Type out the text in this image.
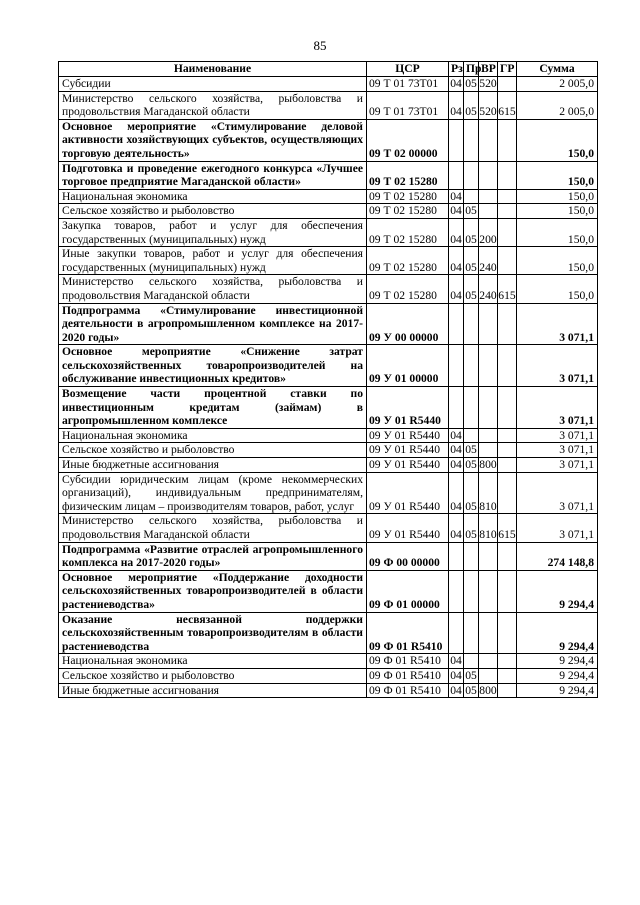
85
Наименование	ЦСР	Рз	Пр	ВР	ГР	Сумма
Субсидии	09 Т 01 73Т01	04	05	520		2 005,0
Министерство сельского хозяйства, рыболовства и продовольствия Магаданской области	09 Т 01 73Т01	04	05	520	615	2 005,0
Основное мероприятие «Стимулирование деловой активности хозяйствующих субъектов, осуществляющих торговую деятельность»	09 Т 02 00000					150,0
Подготовка и проведение ежегодного конкурса «Лучшее торговое предприятие Магаданской области»	09 Т 02 15280					150,0
Национальная экономика	09 Т 02 15280	04				150,0
Сельское хозяйство и рыболовство	09 Т 02 15280	04	05			150,0
Закупка товаров, работ и услуг для обеспечения государственных (муниципальных) нужд	09 Т 02 15280	04	05	200		150,0
Иные закупки товаров, работ и услуг для обеспечения государственных (муниципальных) нужд	09 Т 02 15280	04	05	240		150,0
Министерство сельского хозяйства, рыболовства и продовольствия Магаданской области	09 Т 02 15280	04	05	240	615	150,0
Подпрограмма «Стимулирование инвестиционной деятельности в агропромышленном комплексе на 2017-2020 годы»	09 У 00 00000					3 071,1
Основное мероприятие «Снижение затрат сельскохозяйственных товаропроизводителей на обслуживание инвестиционных кредитов»	09 У 01 00000					3 071,1
Возмещение части процентной ставки по инвестиционным кредитам (займам) в агропромышленном комплексе	09 У 01 R5440					3 071,1
Национальная экономика	09 У 01 R5440	04				3 071,1
Сельское хозяйство и рыболовство	09 У 01 R5440	04	05			3 071,1
Иные бюджетные ассигнования	09 У 01 R5440	04	05	800		3 071,1
Субсидии юридическим лицам (кроме некоммерческих организаций), индивидуальным предпринимателям, физическим лицам – производителям товаров, работ, услуг	09 У 01 R5440	04	05	810		3 071,1
Министерство сельского хозяйства, рыболовства и продовольствия Магаданской области	09 У 01 R5440	04	05	810	615	3 071,1
Подпрограмма «Развитие отраслей агропромышленного комплекса на 2017-2020 годы»	09 Ф 00 00000					274 148,8
Основное мероприятие «Поддержание доходности сельскохозяйственных товаропроизводителей в области растениеводства»	09 Ф 01 00000					9 294,4
Оказание несвязанной поддержки сельскохозяйственным товаропроизводителям в области растениеводства	09 Ф 01 R5410					9 294,4
Национальная экономика	09 Ф 01 R5410	04				9 294,4
Сельское хозяйство и рыболовство	09 Ф 01 R5410	04	05			9 294,4
Иные бюджетные ассигнования	09 Ф 01 R5410	04	05	800		9 294,4
